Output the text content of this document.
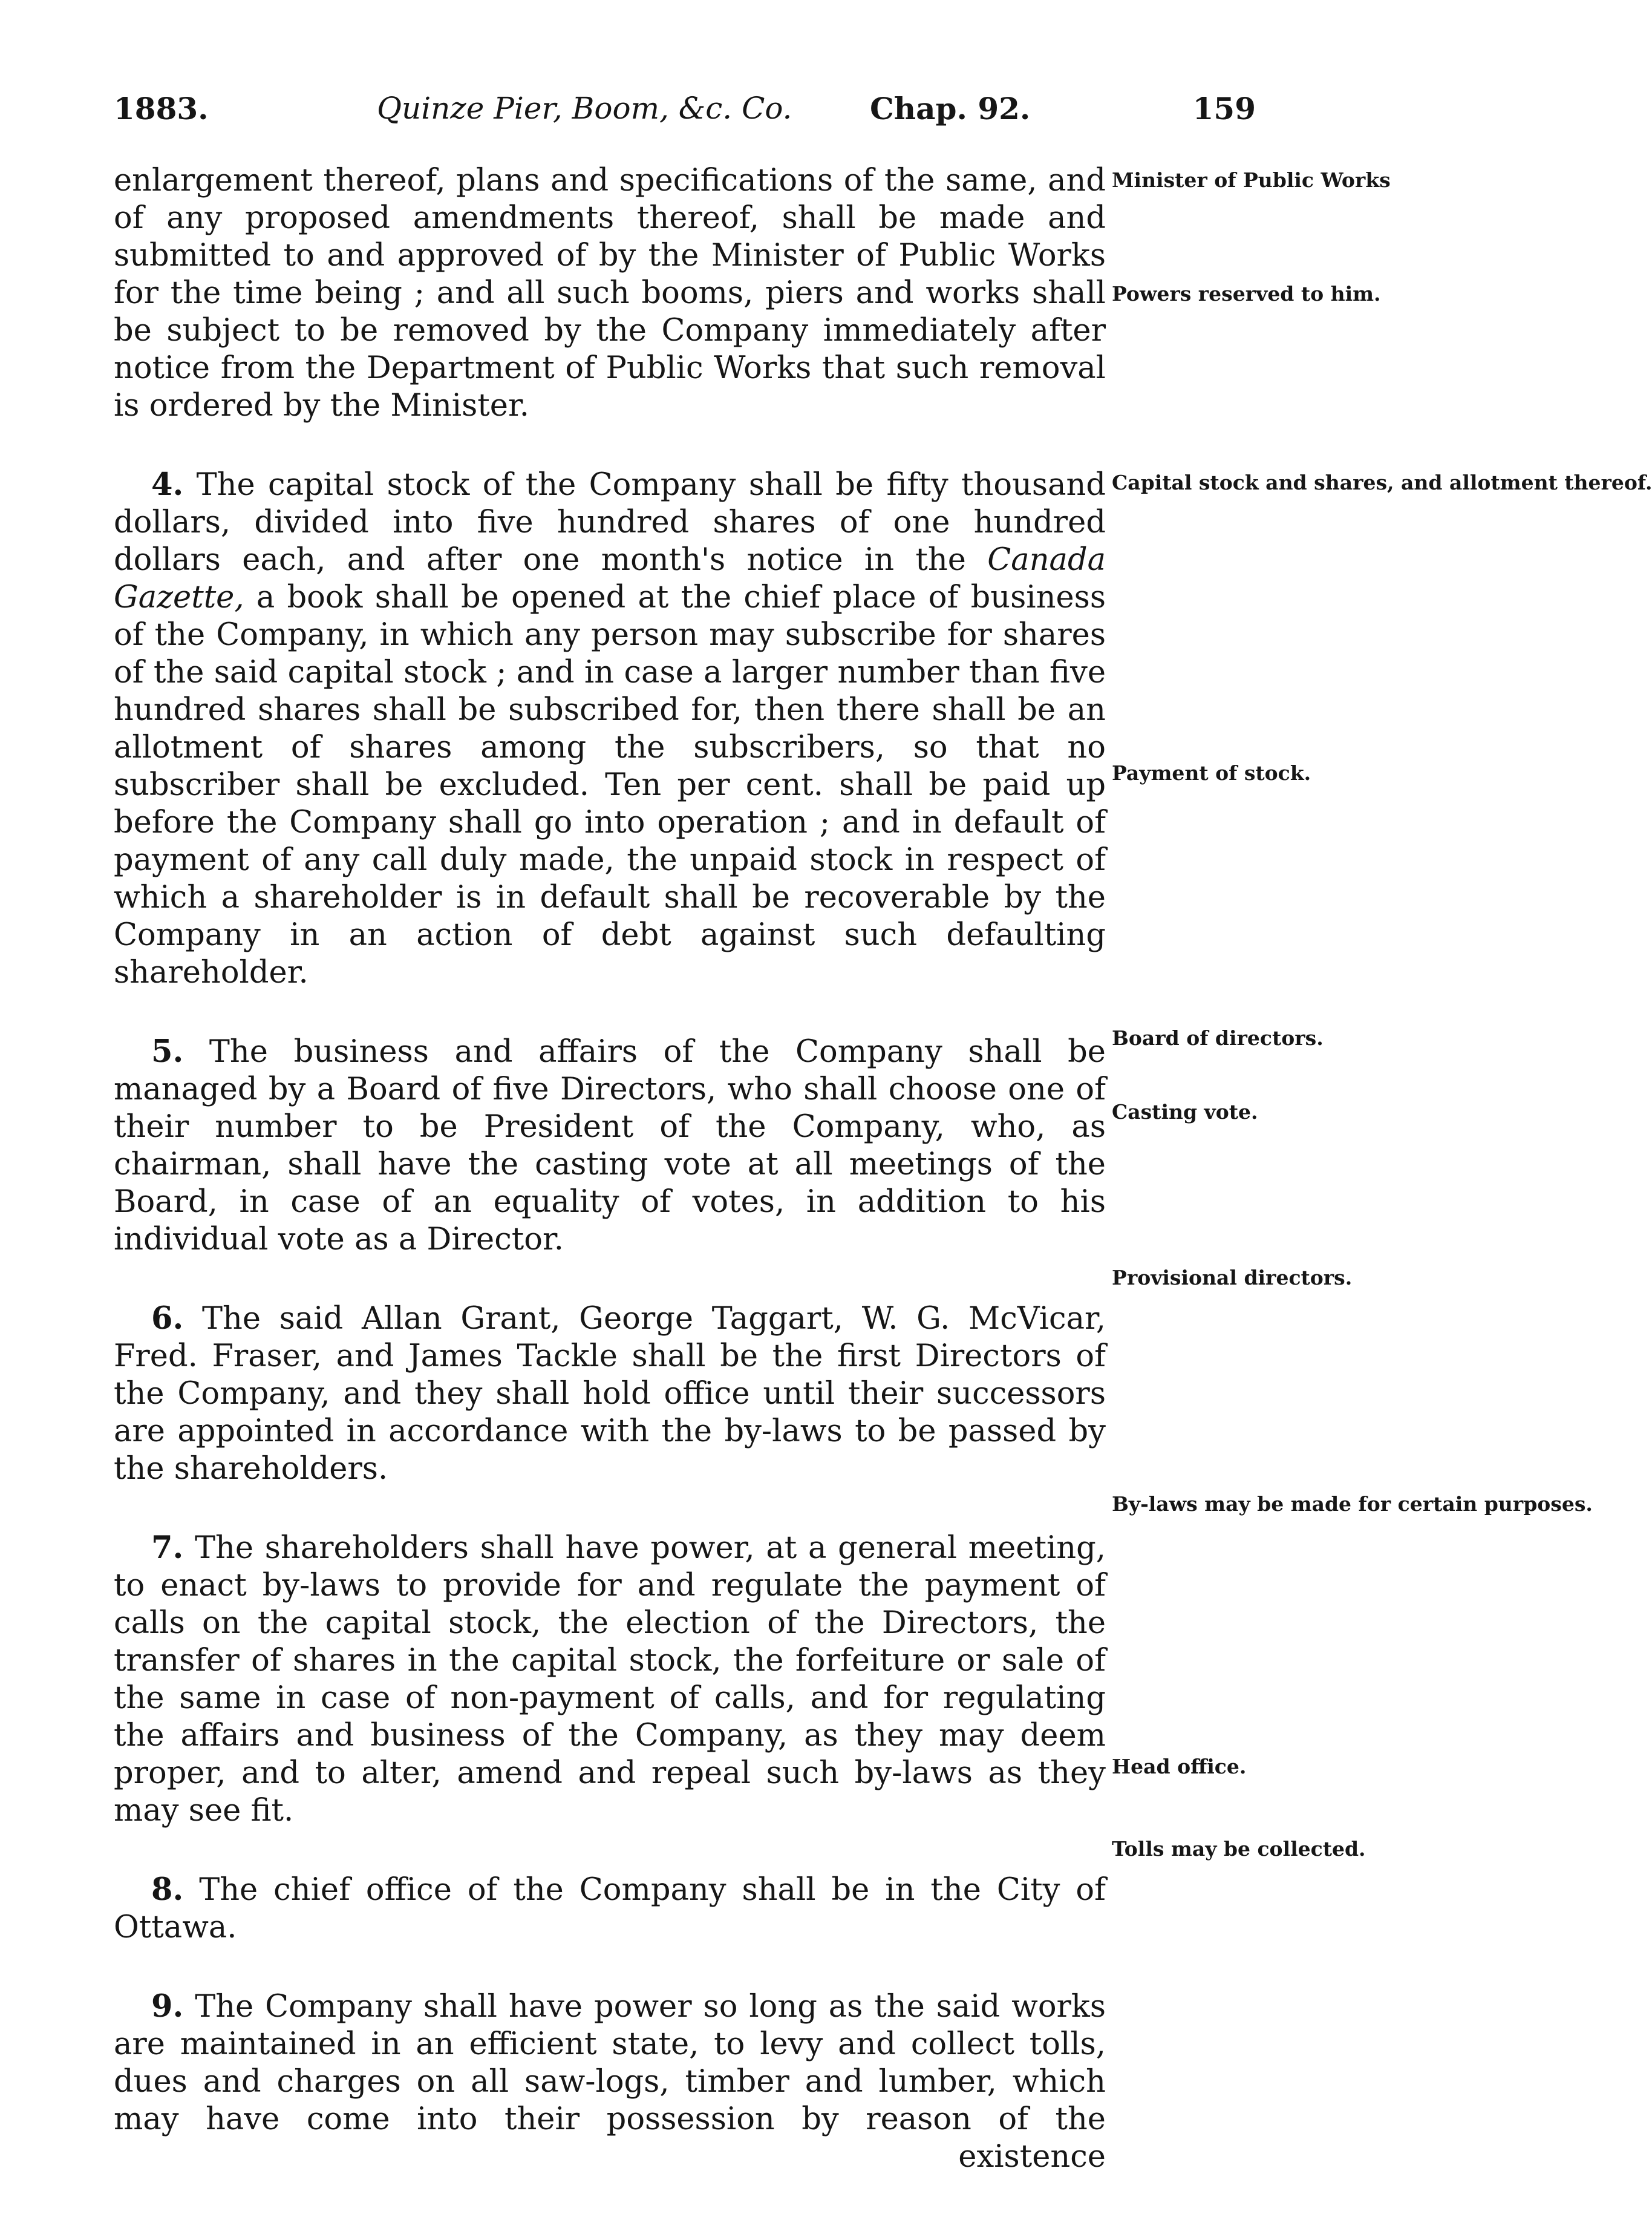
1883.	Quinze Pier, Boom, &c. Co.	Chap. 92.	159

enlargement thereof, plans and specifications of the same, and of any proposed amendments thereof, shall be made and submitted to and approved of by the Minister of Public Works for the time being ; and all such booms, piers and works shall be subject to be removed by the Company immediately after notice from the Department of Public Works that such removal is ordered by the Minister.

4. The capital stock of the Company shall be fifty thousand dollars, divided into five hundred shares of one hundred dollars each, and after one month's notice in the Canada Gazette, a book shall be opened at the chief place of business of the Company, in which any person may subscribe for shares of the said capital stock ; and in case a larger number than five hundred shares shall be subscribed for, then there shall be an allotment of shares among the subscribers, so that no subscriber shall be excluded. Ten per cent. shall be paid up before the Company shall go into operation ; and in default of payment of any call duly made, the unpaid stock in respect of which a shareholder is in default shall be recoverable by the Company in an action of debt against such defaulting shareholder.

5. The business and affairs of the Company shall be managed by a Board of five Directors, who shall choose one of their number to be President of the Company, who, as chairman, shall have the casting vote at all meetings of the Board, in case of an equality of votes, in addition to his individual vote as a Director.

6. The said Allan Grant, George Taggart, W. G. McVicar, Fred. Fraser, and James Tackle shall be the first Directors of the Company, and they shall hold office until their successors are appointed in accordance with the by-laws to be passed by the shareholders.

7. The shareholders shall have power, at a general meeting, to enact by-laws to provide for and regulate the payment of calls on the capital stock, the election of the Directors, the transfer of shares in the capital stock, the forfeiture or sale of the same in case of non-payment of calls, and for regulating the affairs and business of the Company, as they may deem proper, and to alter, amend and repeal such by-laws as they may see fit.

8. The chief office of the Company shall be in the City of Ottawa.

9. The Company shall have power so long as the said works are maintained in an efficient state, to levy and collect tolls, dues and charges on all saw-logs, timber and lumber, which may have come into their possession by reason of the existence

Minister of Public Works
Powers reserved to him.
Capital stock and shares, and allotment thereof.
Payment of stock.
Board of directors.
Casting vote.
Provisional directors.
By-laws may be made for certain purposes.
Head office.
Tolls may be collected.
